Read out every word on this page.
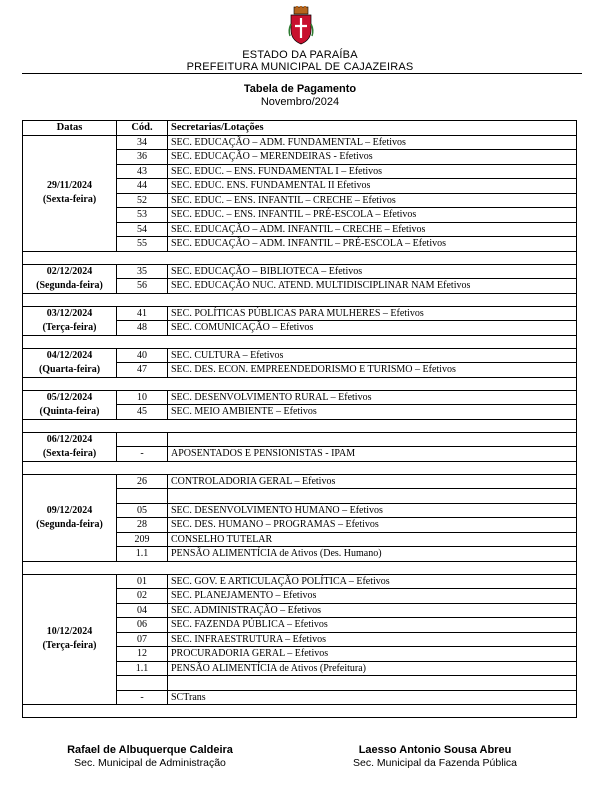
ESTADO DA PARAÍBA
PREFEITURA MUNICIPAL DE CAJAZEIRAS
Tabela de Pagamento
Novembro/2024
Datas	Cód.	Secretarias/Lotações

29/11/2024
(Sexta-feira)	34	SEC. EDUCAÇÃO – ADM. FUNDAMENTAL – Efetivos
	36	SEC. EDUCAÇÃO – MERENDEIRAS - Efetivos
	43	SEC. EDUC. – ENS. FUNDAMENTAL I – Efetivos
	44	SEC. EDUC. ENS. FUNDAMENTAL II Efetivos
	52	SEC. EDUC. – ENS. INFANTIL – CRECHE – Efetivos
	53	SEC. EDUC. – ENS. INFANTIL – PRÉ-ESCOLA – Efetivos
	54	SEC. EDUCAÇÃO – ADM. INFANTIL – CRECHE – Efetivos
	55	SEC. EDUCAÇÃO – ADM. INFANTIL – PRÉ-ESCOLA – Efetivos

02/12/2024
(Segunda-feira)	35	SEC. EDUCAÇÃO – BIBLIOTECA – Efetivos
	56	SEC. EDUCAÇÃO NUC. ATEND. MULTIDISCIPLINAR NAM Efetivos

03/12/2024
(Terça-feira)	41	SEC. POLÍTICAS PÚBLICAS PARA MULHERES – Efetivos
	48	SEC. COMUNICAÇÃO – Efetivos

04/12/2024
(Quarta-feira)	40	SEC. CULTURA – Efetivos
	47	SEC. DES. ECON. EMPREENDEDORISMO E TURISMO – Efetivos

05/12/2024
(Quinta-feira)	10	SEC. DESENVOLVIMENTO RURAL – Efetivos
	45	SEC. MEIO AMBIENTE – Efetivos

06/12/2024
(Sexta-feira)		

	-	APOSENTADOS E PENSIONISTAS - IPAM

09/12/2024
(Segunda-feira)	26	CONTROLADORIA GERAL – Efetivos

	05	SEC. DESENVOLVIMENTO HUMANO – Efetivos
	28	SEC. DES. HUMANO – PROGRAMAS – Efetivos
	209	CONSELHO TUTELAR
	1.1	PENSÃO ALIMENTÍCIA de Ativos (Des. Humano)

10/12/2024
(Terça-feira)	01	SEC. GOV. E ARTICULAÇÃO POLÍTICA – Efetivos
	02	SEC. PLANEJAMENTO – Efetivos
	04	SEC. ADMINISTRAÇÃO – Efetivos
	06	SEC. FAZENDA PÚBLICA – Efetivos
	07	SEC. INFRAESTRUTURA – Efetivos
	12	PROCURADORIA GERAL – Efetivos
	1.1	PENSÃO ALIMENTÍCIA de Ativos (Prefeitura)

	-	SCTrans

Rafael de Albuquerque Caldeira
Sec. Municipal de Administração
Laesso Antonio Sousa Abreu
Sec. Municipal da Fazenda Pública
